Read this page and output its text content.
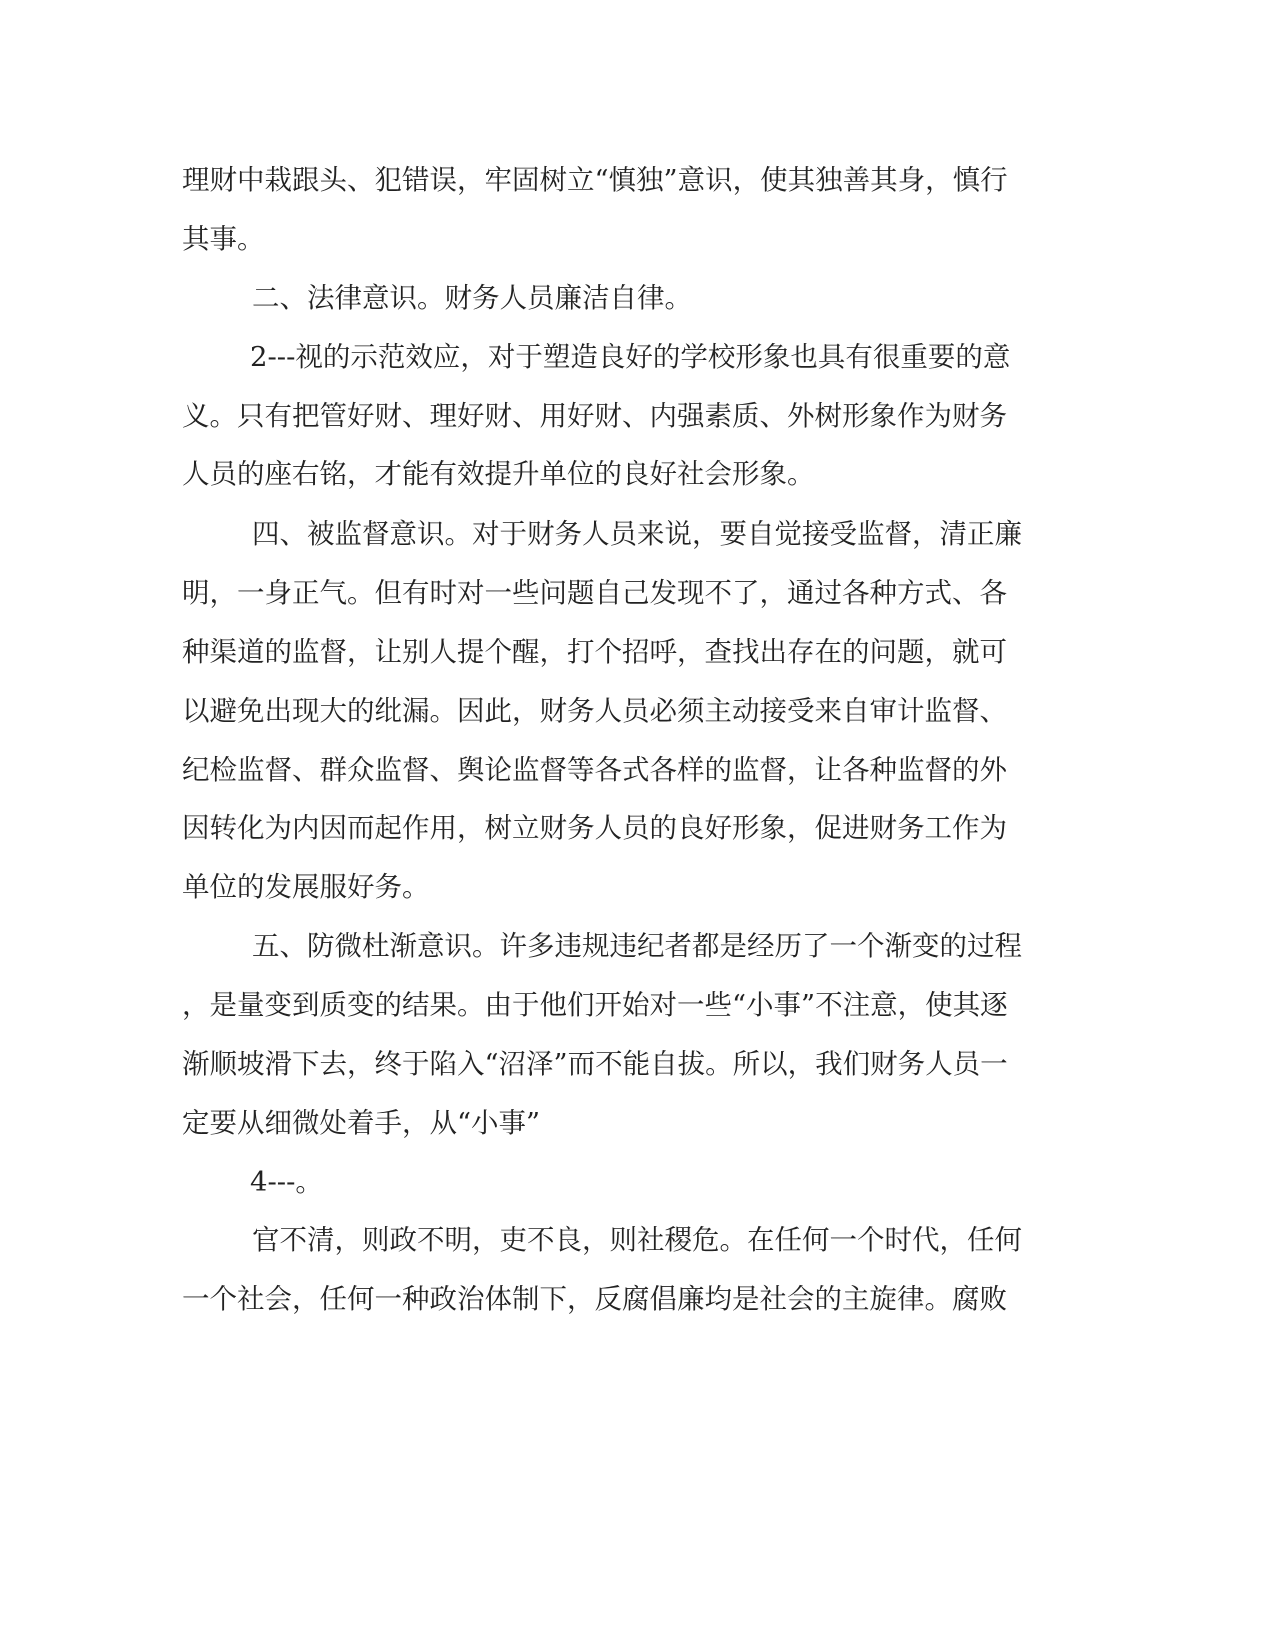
理财中栽跟头、犯错误，牢固树立“慎独”意识，使其独善其身，慎行
其事。
二、法律意识。财务人员廉洁自律。
2---视的示范效应，对于塑造良好的学校形象也具有很重要的意
义。只有把管好财、理好财、用好财、内强素质、外树形象作为财务
人员的座右铭，才能有效提升单位的良好社会形象。
四、被监督意识。对于财务人员来说，要自觉接受监督，清正廉
明，一身正气。但有时对一些问题自己发现不了，通过各种方式、各
种渠道的监督，让别人提个醒，打个招呼，查找出存在的问题，就可
以避免出现大的纰漏。因此，财务人员必须主动接受来自审计监督、
纪检监督、群众监督、舆论监督等各式各样的监督，让各种监督的外
因转化为内因而起作用，树立财务人员的良好形象，促进财务工作为
单位的发展服好务。
五、防微杜渐意识。许多违规违纪者都是经历了一个渐变的过程
，是量变到质变的结果。由于他们开始对一些“小事”不注意，使其逐
渐顺坡滑下去，终于陷入“沼泽”而不能自拔。所以，我们财务人员一
定要从细微处着手，从“小事”
4---。
官不清，则政不明，吏不良，则社稷危。在任何一个时代，任何
一个社会，任何一种政治体制下，反腐倡廉均是社会的主旋律。腐败
